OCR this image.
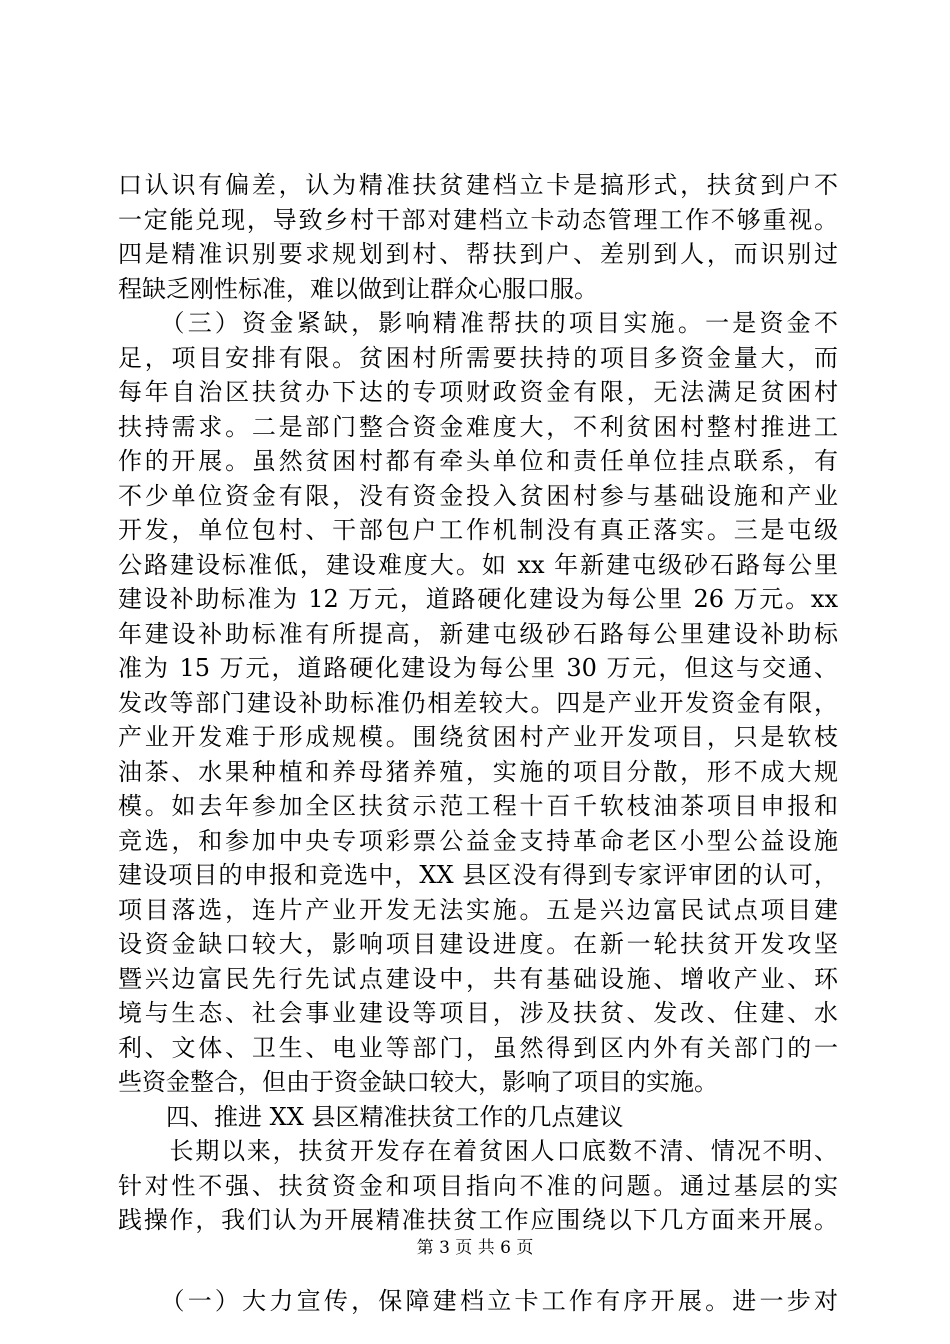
口认识有偏差，认为精准扶贫建档立卡是搞形式，扶贫到户不
一定能兑现，导致乡村干部对建档立卡动态管理工作不够重视。
四是精准识别要求规划到村、帮扶到户、差别到人，而识别过
程缺乏刚性标准，难以做到让群众心服口服。
　　（三）资金紧缺，影响精准帮扶的项目实施。一是资金不
足，项目安排有限。贫困村所需要扶持的项目多资金量大，而
每年自治区扶贫办下达的专项财政资金有限，无法满足贫困村
扶持需求。二是部门整合资金难度大，不利贫困村整村推进工
作的开展。虽然贫困村都有牵头单位和责任单位挂点联系，有
不少单位资金有限，没有资金投入贫困村参与基础设施和产业
开发，单位包村、干部包户工作机制没有真正落实。三是屯级
公路建设标准低，建设难度大。如 xx 年新建屯级砂石路每公里
建设补助标准为 12 万元，道路硬化建设为每公里 26 万元。xx
年建设补助标准有所提高，新建屯级砂石路每公里建设补助标
准为 15 万元，道路硬化建设为每公里 30 万元，但这与交通、
发改等部门建设补助标准仍相差较大。四是产业开发资金有限，
产业开发难于形成规模。围绕贫困村产业开发项目，只是软枝
油茶、水果种植和养母猪养殖，实施的项目分散，形不成大规
模。如去年参加全区扶贫示范工程十百千软枝油茶项目申报和
竞选，和参加中央专项彩票公益金支持革命老区小型公益设施
建设项目的申报和竞选中，XX 县区没有得到专家评审团的认可，
项目落选，连片产业开发无法实施。五是兴边富民试点项目建
设资金缺口较大，影响项目建设进度。在新一轮扶贫开发攻坚
暨兴边富民先行先试点建设中，共有基础设施、增收产业、环
境与生态、社会事业建设等项目，涉及扶贫、发改、住建、水
利、文体、卫生、电业等部门，虽然得到区内外有关部门的一
些资金整合，但由于资金缺口较大，影响了项目的实施。
　　四、推进 XX 县区精准扶贫工作的几点建议
　　长期以来，扶贫开发存在着贫困人口底数不清、情况不明、
针对性不强、扶贫资金和项目指向不准的问题。通过基层的实
践操作，我们认为开展精准扶贫工作应围绕以下几方面来开展。
　　（一）大力宣传，保障建档立卡工作有序开展。进一步对
第 3 页 共 6 页
